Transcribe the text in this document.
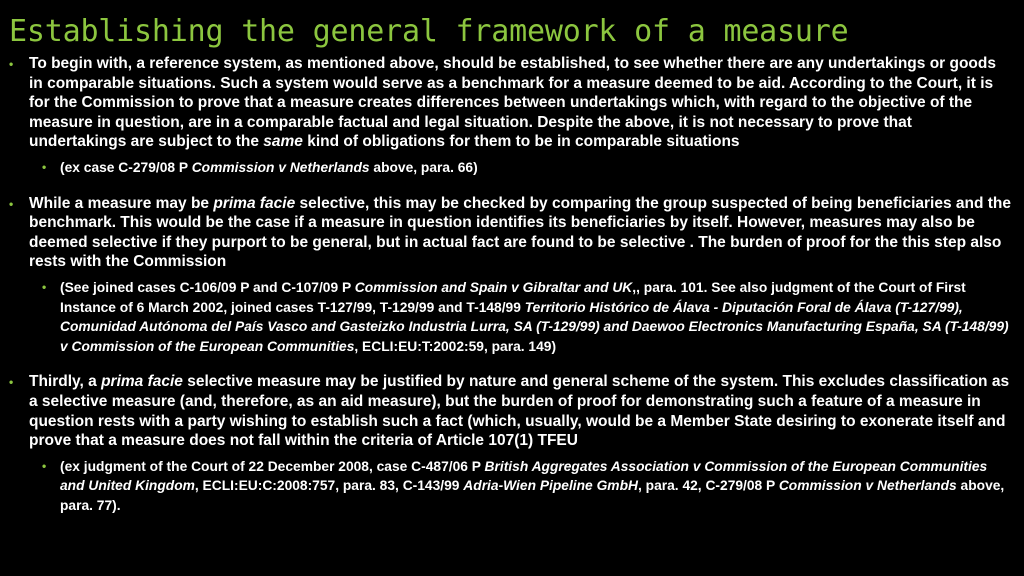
Establishing the general framework of a measure
• To begin with, a reference system, as mentioned above, should be established, to see whether there are any undertakings or goods in comparable situations. Such a system would serve as a benchmark for a measure deemed to be aid. According to the Court, it is for the Commission to prove that a measure creates differences between undertakings which, with regard to the objective of the measure in question, are in a comparable factual and legal situation. Despite the above, it is not necessary to prove that undertakings are subject to the same kind of obligations for them to be in comparable situations
• (ex case C-279/08 P Commission v Netherlands above, para. 66)
• While a measure may be prima facie selective, this may be checked by comparing the group suspected of being beneficiaries and the benchmark. This would be the case if a measure in question identifies its beneficiaries by itself. However, measures may also be deemed selective if they purport to be general, but in actual fact are found to be selective . The burden of proof for the this step also rests with the Commission
• (See joined cases C-106/09 P and C-107/09 P Commission and Spain v Gibraltar and UK,, para. 101. See also judgment of the Court of First Instance of 6 March 2002, joined cases T-127/99, T-129/99 and T-148/99 Territorio Histórico de Álava - Diputación Foral de Álava (T-127/99), Comunidad Autónoma del País Vasco and Gasteizko Industria Lurra, SA (T-129/99) and Daewoo Electronics Manufacturing España, SA (T-148/99) v Commission of the European Communities, ECLI:EU:T:2002:59, para. 149)
• Thirdly, a prima facie selective measure may be justified by nature and general scheme of the system. This excludes classification as a selective measure (and, therefore, as an aid measure), but the burden of proof for demonstrating such a feature of a measure in question rests with a party wishing to establish such a fact (which, usually, would be a Member State desiring to exonerate itself and prove that a measure does not fall within the criteria of Article 107(1) TFEU
• (ex judgment of the Court of 22 December 2008, case C-487/06 P British Aggregates Association v Commission of the European Communities and United Kingdom, ECLI:EU:C:2008:757, para. 83, C-143/99 Adria-Wien Pipeline GmbH, para. 42, C-279/08 P Commission v Netherlands above, para. 77).
